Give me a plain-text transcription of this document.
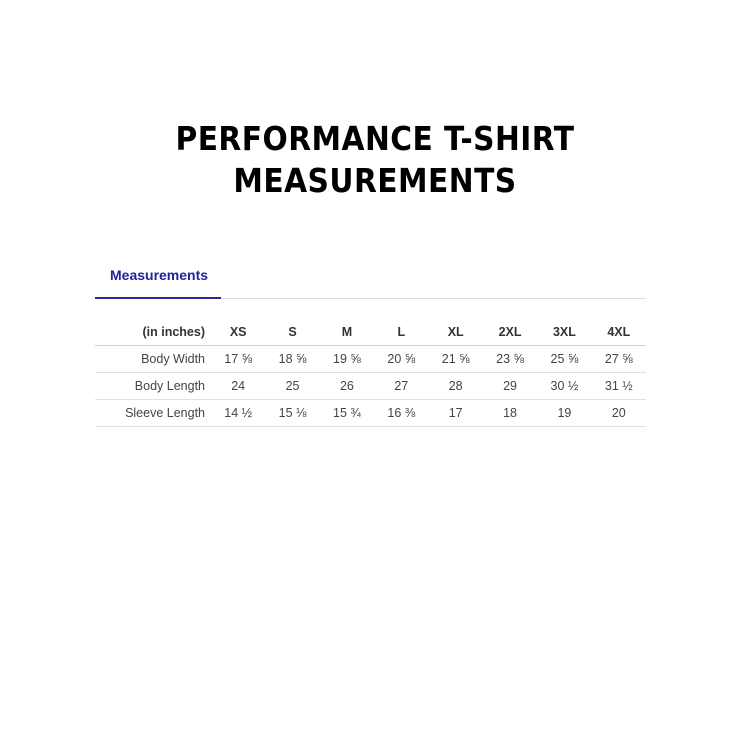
PERFORMANCE T-SHIRT
MEASUREMENTS
Measurements
(in inches)	XS	S	M	L	XL	2XL	3XL	4XL
Body Width	17 ⅝	18 ⅝	19 ⅝	20 ⅝	21 ⅝	23 ⅝	25 ⅝	27 ⅝
Body Length	24	25	26	27	28	29	30 ½	31 ½
Sleeve Length	14 ½	15 ⅛	15 ¾	16 ⅜	17	18	19	20
